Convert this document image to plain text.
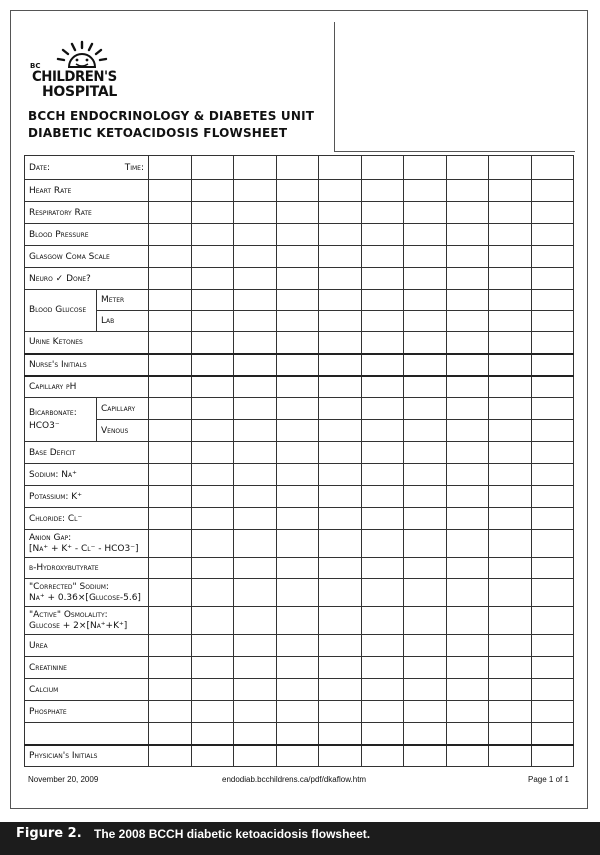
BC
CHILDREN'S
HOSPITAL
BCCH ENDOCRINOLOGY & DIABETES UNIT
DIABETIC KETOACIDOSIS FLOWSHEET
Date: Time:											

Heart Rate											
Respiratory Rate											
Blood Pressure											
Glasgow Coma Scale											
Neuro ✓ Done?											
Blood Glucose	Meter										
	Lab										
Urine Ketones											
Nurse's Initials											
Capillary pH											

Bicarbonate:
HCO3⁻	Capillary										
	Venous										
Base Deficit											
Sodium: Na⁺											
Potassium: K⁺											
Chloride: Cl⁻											

Anion Gap:
[Na⁺ + K⁺ - Cl⁻ - HCO3⁻]											

β-Hydroxybutyrate											

"Corrected" Sodium:
Na⁺ + 0.36×[Glucose-5.6]											

"Active" Osmolality:
Glucose + 2×[Na⁺+K⁺]											

Urea											
Creatinine											
Calcium											
Phosphate											

Physician's Initials											
November 20, 2009	endodiab.bcchildrens.ca/pdf/dkaflow.htm	Page 1 of 1
Figure 2. The 2008 BCCH diabetic ketoacidosis flowsheet.
